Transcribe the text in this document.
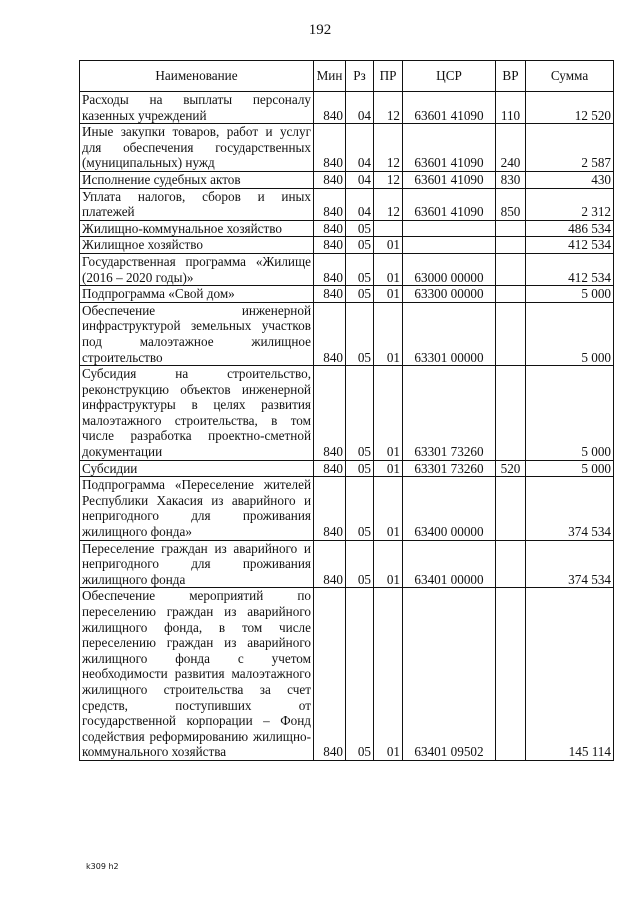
192
Наименование	Мин	Рз	ПР	ЦСР	ВР	Сумма
Расходы на выплаты персоналу казенных учреждений	840	04	12	63601 41090	110	12 520
Иные закупки товаров, работ и услуг для обеспечения государственных (муниципальных) нужд	840	04	12	63601 41090	240	2 587
Исполнение судебных актов	840	04	12	63601 41090	830	430
Уплата налогов, сборов и иных платежей	840	04	12	63601 41090	850	2 312
Жилищно-коммунальное хозяйство	840	05				486 534
Жилищное хозяйство	840	05	01			412 534
Государственная программа «Жилище (2016 – 2020 годы)»	840	05	01	63000 00000		412 534
Подпрограмма «Свой дом»	840	05	01	63300 00000		5 000
Обеспечение инженерной инфраструктурой земельных участков под малоэтажное жилищное строительство	840	05	01	63301 00000		5 000
Субсидия на строительство, реконструкцию объектов инженерной инфраструктуры в целях развития малоэтажного строительства, в том числе разработка проектно-сметной документации	840	05	01	63301 73260		5 000
Субсидии	840	05	01	63301 73260	520	5 000
Подпрограмма «Переселение жителей Республики Хакасия из аварийного и непригодного для проживания жилищного фонда»	840	05	01	63400 00000		374 534
Переселение граждан из аварийного и непригодного для проживания жилищного фонда	840	05	01	63401 00000		374 534
Обеспечение мероприятий по переселению граждан из аварийного жилищного фонда, в том числе переселению граждан из аварийного жилищного фонда с учетом необходимости развития малоэтажного жилищного строительства за счет средств, поступивших от государственной корпорации – Фонд содействия реформированию жилищно-коммунального хозяйства	840	05	01	63401 09502		145 114
k309 h2
